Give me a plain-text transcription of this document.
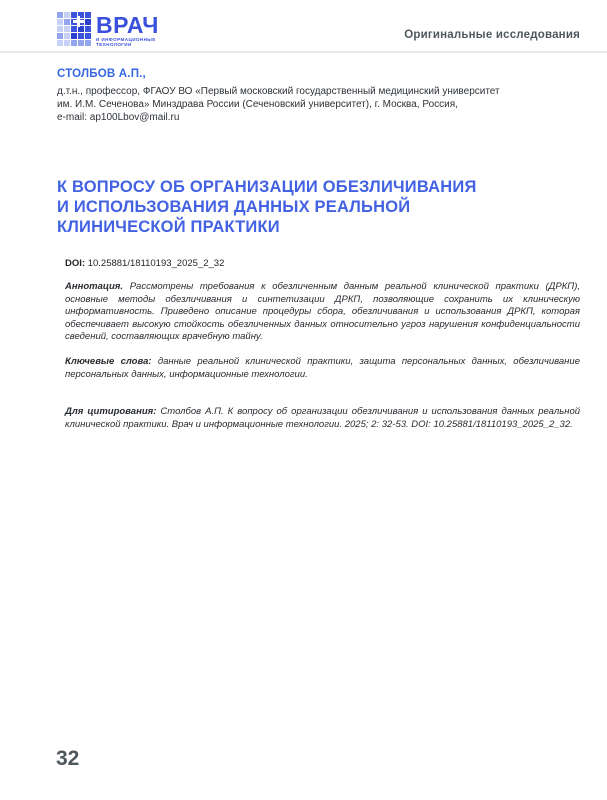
ВРАЧ
И ИНФОРМАЦИОННЫЕ
ТЕХНОЛОГИИ
Оригинальные исследования
СТОЛБОВ А.П.,
д.т.н., профессор, ФГАОУ ВО «Первый московский государственный медицинский университет
им. И.М. Сеченова» Минздрава России (Сеченовский университет), г. Москва, Россия,
e-mail: ap100Lbov@mail.ru
К ВОПРОСУ ОБ ОРГАНИЗАЦИИ ОБЕЗЛИЧИВАНИЯ
И ИСПОЛЬЗОВАНИЯ ДАННЫХ РЕАЛЬНОЙ
КЛИНИЧЕСКОЙ ПРАКТИКИ
DOI: 10.25881/18110193_2025_2_32

Аннотация. Рассмотрены требования к обезличенным данным реальной клинической практики (ДРКП), основные методы обезличивания и синтетизации ДРКП, позволяющие сохранить их клиническую информативность. Приведено описание процедуры сбора, обезличивания и использования ДРКП, которая обеспечивает высокую стойкость обезличенных данных относительно угроз нарушения конфиденциальности сведений, составляющих врачебную тайну.

Ключевые слова: данные реальной клинической практики, защита персональных данных, обезличивание персональных данных, информационные технологии.

Для цитирования: Столбов А.П. К вопросу об организации обезличивания и использования данных реальной клинической практики. Врач и информационные технологии. 2025; 2: 32-53. DOI: 10.25881/18110193_2025_2_32.

32
